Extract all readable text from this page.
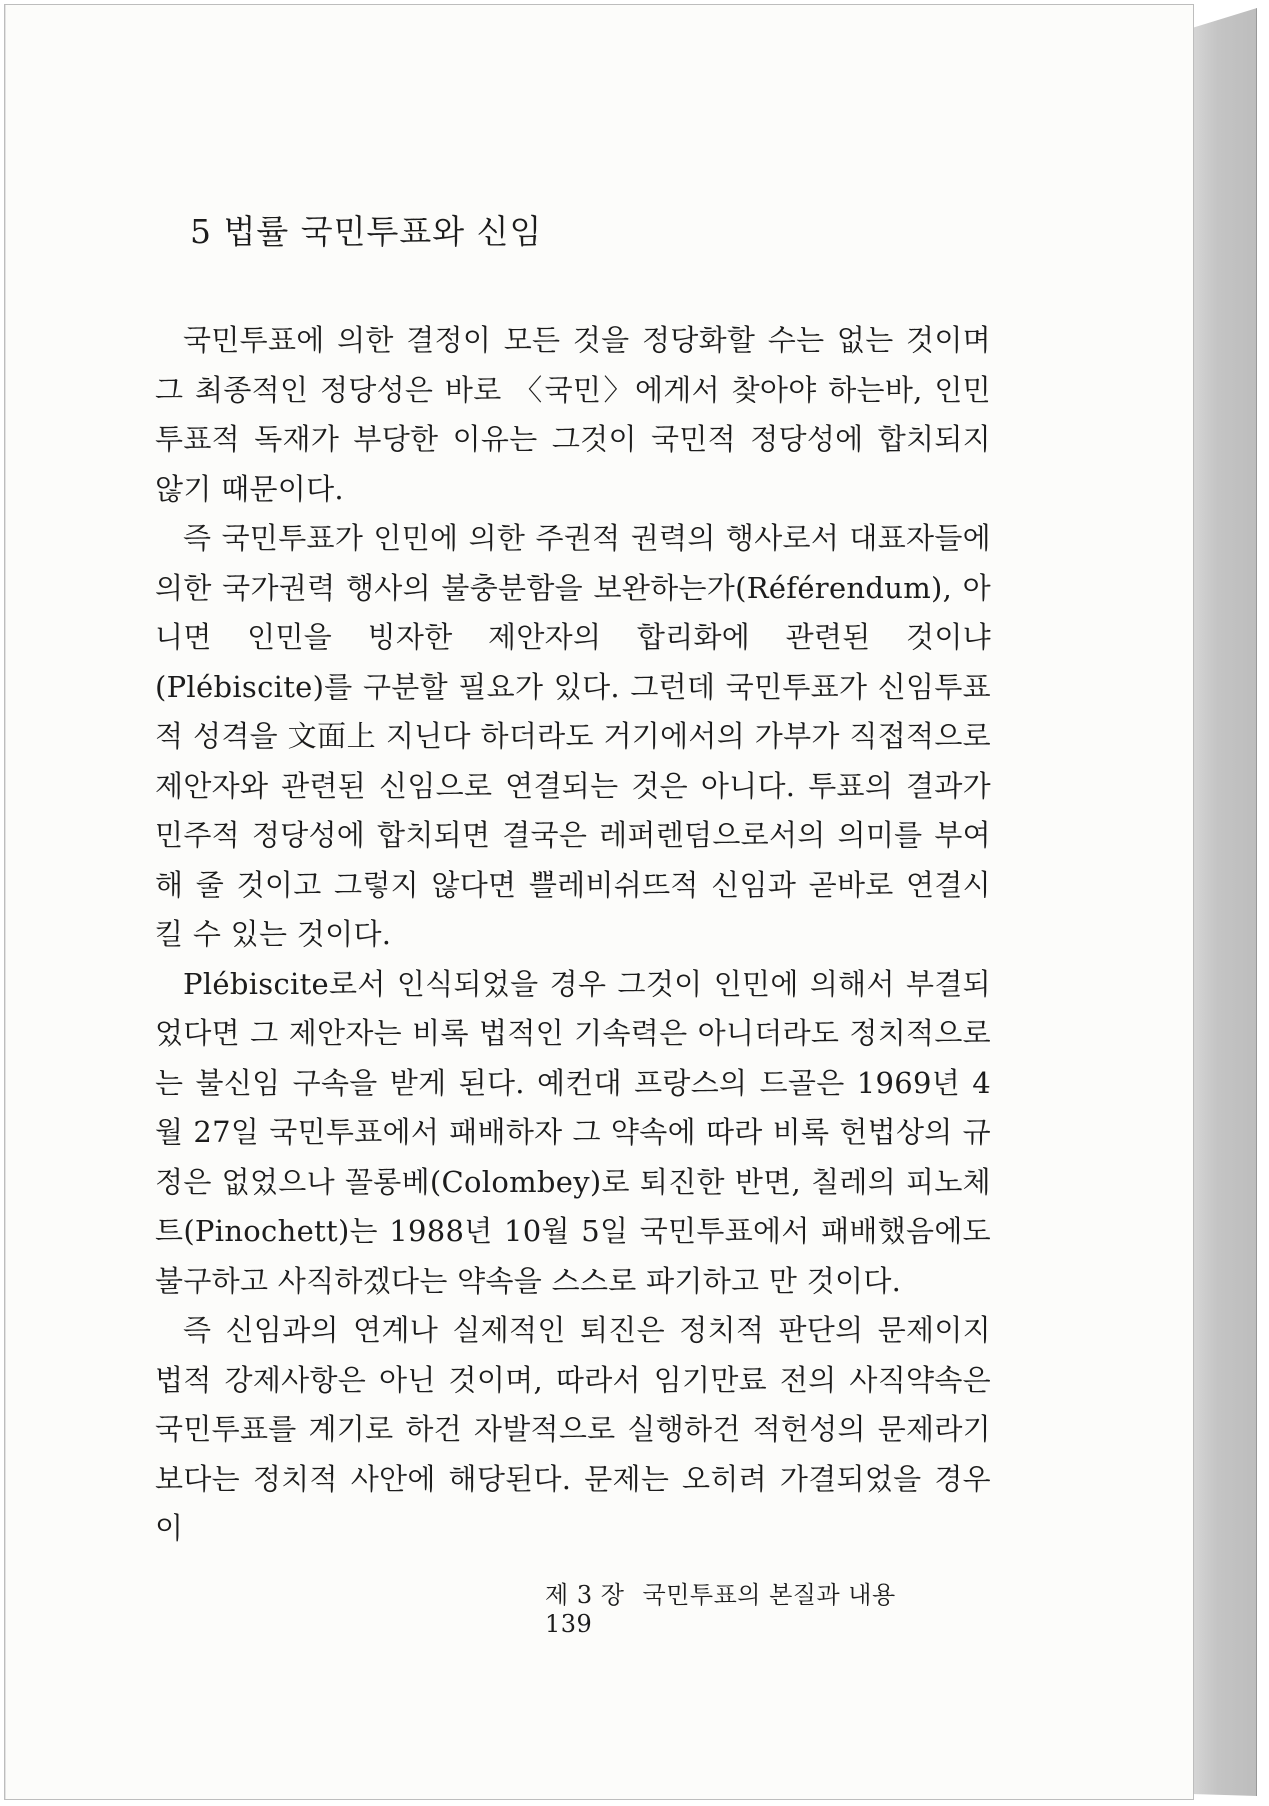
5 법률 국민투표와 신임

국민투표에 의한 결정이 모든 것을 정당화할 수는 없는 것이며 그 최종적인 정당성은 바로 〈국민〉에게서 찾아야 하는바, 인민투표적 독재가 부당한 이유는 그것이 국민적 정당성에 합치되지 않기 때문이다.

즉 국민투표가 인민에 의한 주권적 권력의 행사로서 대표자들에 의한 국가권력 행사의 불충분함을 보완하는가(Référendum), 아니면 인민을 빙자한 제안자의 합리화에 관련된 것이냐(Plébiscite)를 구분할 필요가 있다. 그런데 국민투표가 신임투표적 성격을 文面上 지닌다 하더라도 거기에서의 가부가 직접적으로 제안자와 관련된 신임으로 연결되는 것은 아니다. 투표의 결과가 민주적 정당성에 합치되면 결국은 레퍼렌덤으로서의 의미를 부여해 줄 것이고 그렇지 않다면 쁠레비쉬뜨적 신임과 곧바로 연결시킬 수 있는 것이다.

Plébiscite로서 인식되었을 경우 그것이 인민에 의해서 부결되었다면 그 제안자는 비록 법적인 기속력은 아니더라도 정치적으로는 불신임 구속을 받게 된다. 예컨대 프랑스의 드골은 1969년 4월 27일 국민투표에서 패배하자 그 약속에 따라 비록 헌법상의 규정은 없었으나 꼴롱베(Colombey)로 퇴진한 반면, 칠레의 피노체트(Pinochett)는 1988년 10월 5일 국민투표에서 패배했음에도 불구하고 사직하겠다는 약속을 스스로 파기하고 만 것이다.

즉 신임과의 연계나 실제적인 퇴진은 정치적 판단의 문제이지 법적 강제사항은 아닌 것이며, 따라서 임기만료 전의 사직약속은 국민투표를 계기로 하건 자발적으로 실행하건 적헌성의 문제라기보다는 정치적 사안에 해당된다. 문제는 오히려 가결되었을 경우이

제 3 장 국민투표의 본질과 내용 139
